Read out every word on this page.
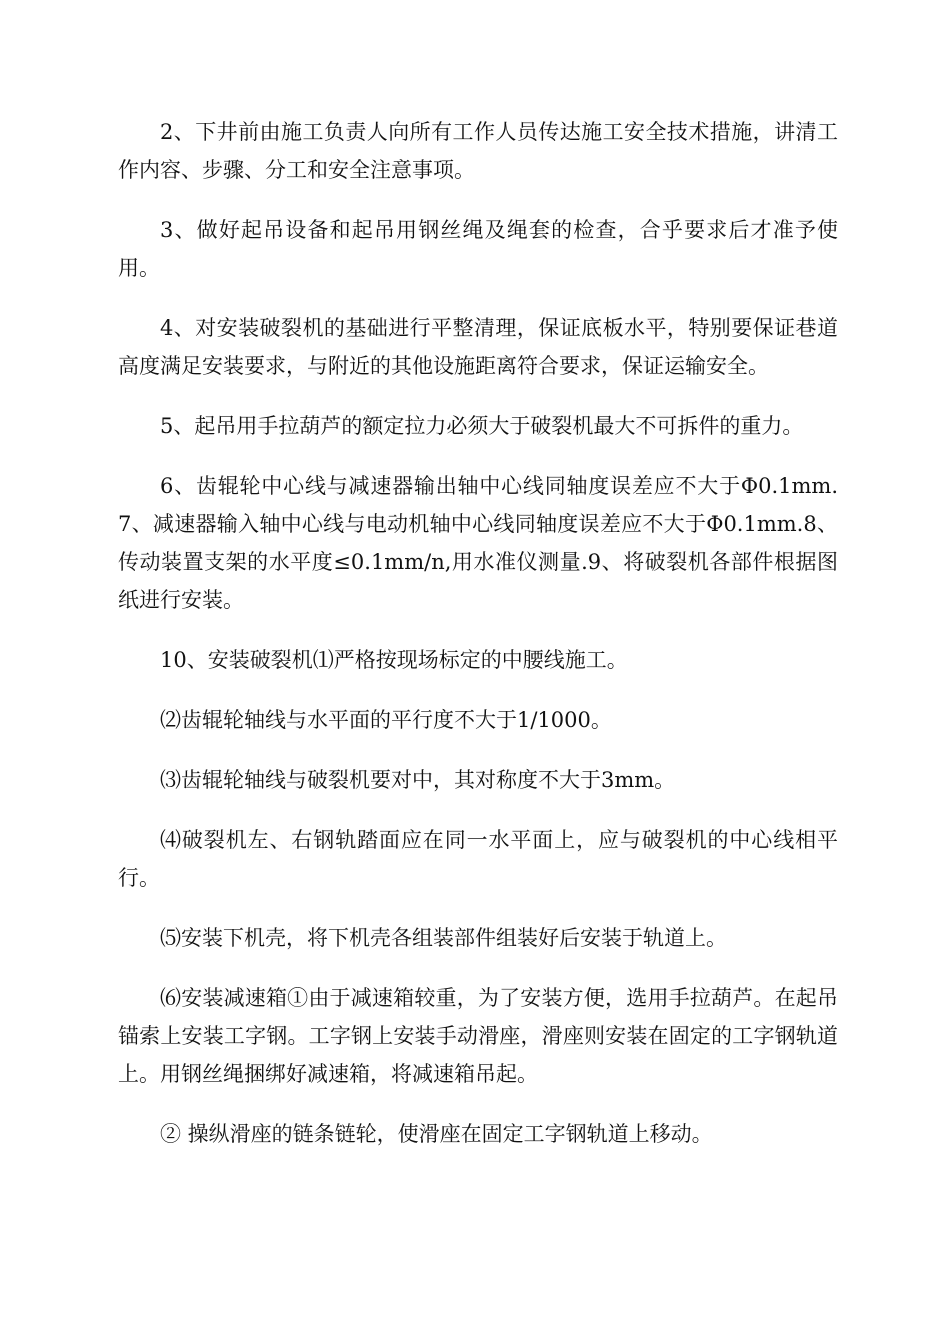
2、下井前由施工负责人向所有工作人员传达施工安全技术措施，讲清工作内容、步骤、分工和安全注意事项。

3、做好起吊设备和起吊用钢丝绳及绳套的检查，合乎要求后才准予使用。

4、对安装破裂机的基础进行平整清理，保证底板水平，特别要保证巷道高度满足安装要求，与附近的其他设施距离符合要求，保证运输安全。

5、起吊用手拉葫芦的额定拉力必须大于破裂机最大不可拆件的重力。

6、齿辊轮中心线与减速器输出轴中心线同轴度误差应不大于Φ0.1mm.7、减速器输入轴中心线与电动机轴中心线同轴度误差应不大于Φ0.1mm.8、传动装置支架的水平度≤0.1mm/n,用水准仪测量.9、将破裂机各部件根据图纸进行安装。

10、安装破裂机⑴严格按现场标定的中腰线施工。

⑵齿辊轮轴线与水平面的平行度不大于1/1000。

⑶齿辊轮轴线与破裂机要对中，其对称度不大于3mm。

⑷破裂机左、右钢轨踏面应在同一水平面上，应与破裂机的中心线相平行。

⑸安装下机壳，将下机壳各组装部件组装好后安装于轨道上。

⑹安装减速箱①由于减速箱较重，为了安装方便，选用手拉葫芦。在起吊锚索上安装工字钢。工字钢上安装手动滑座，滑座则安装在固定的工字钢轨道上。用钢丝绳捆绑好减速箱，将减速箱吊起。

② 操纵滑座的链条链轮，使滑座在固定工字钢轨道上移动。
